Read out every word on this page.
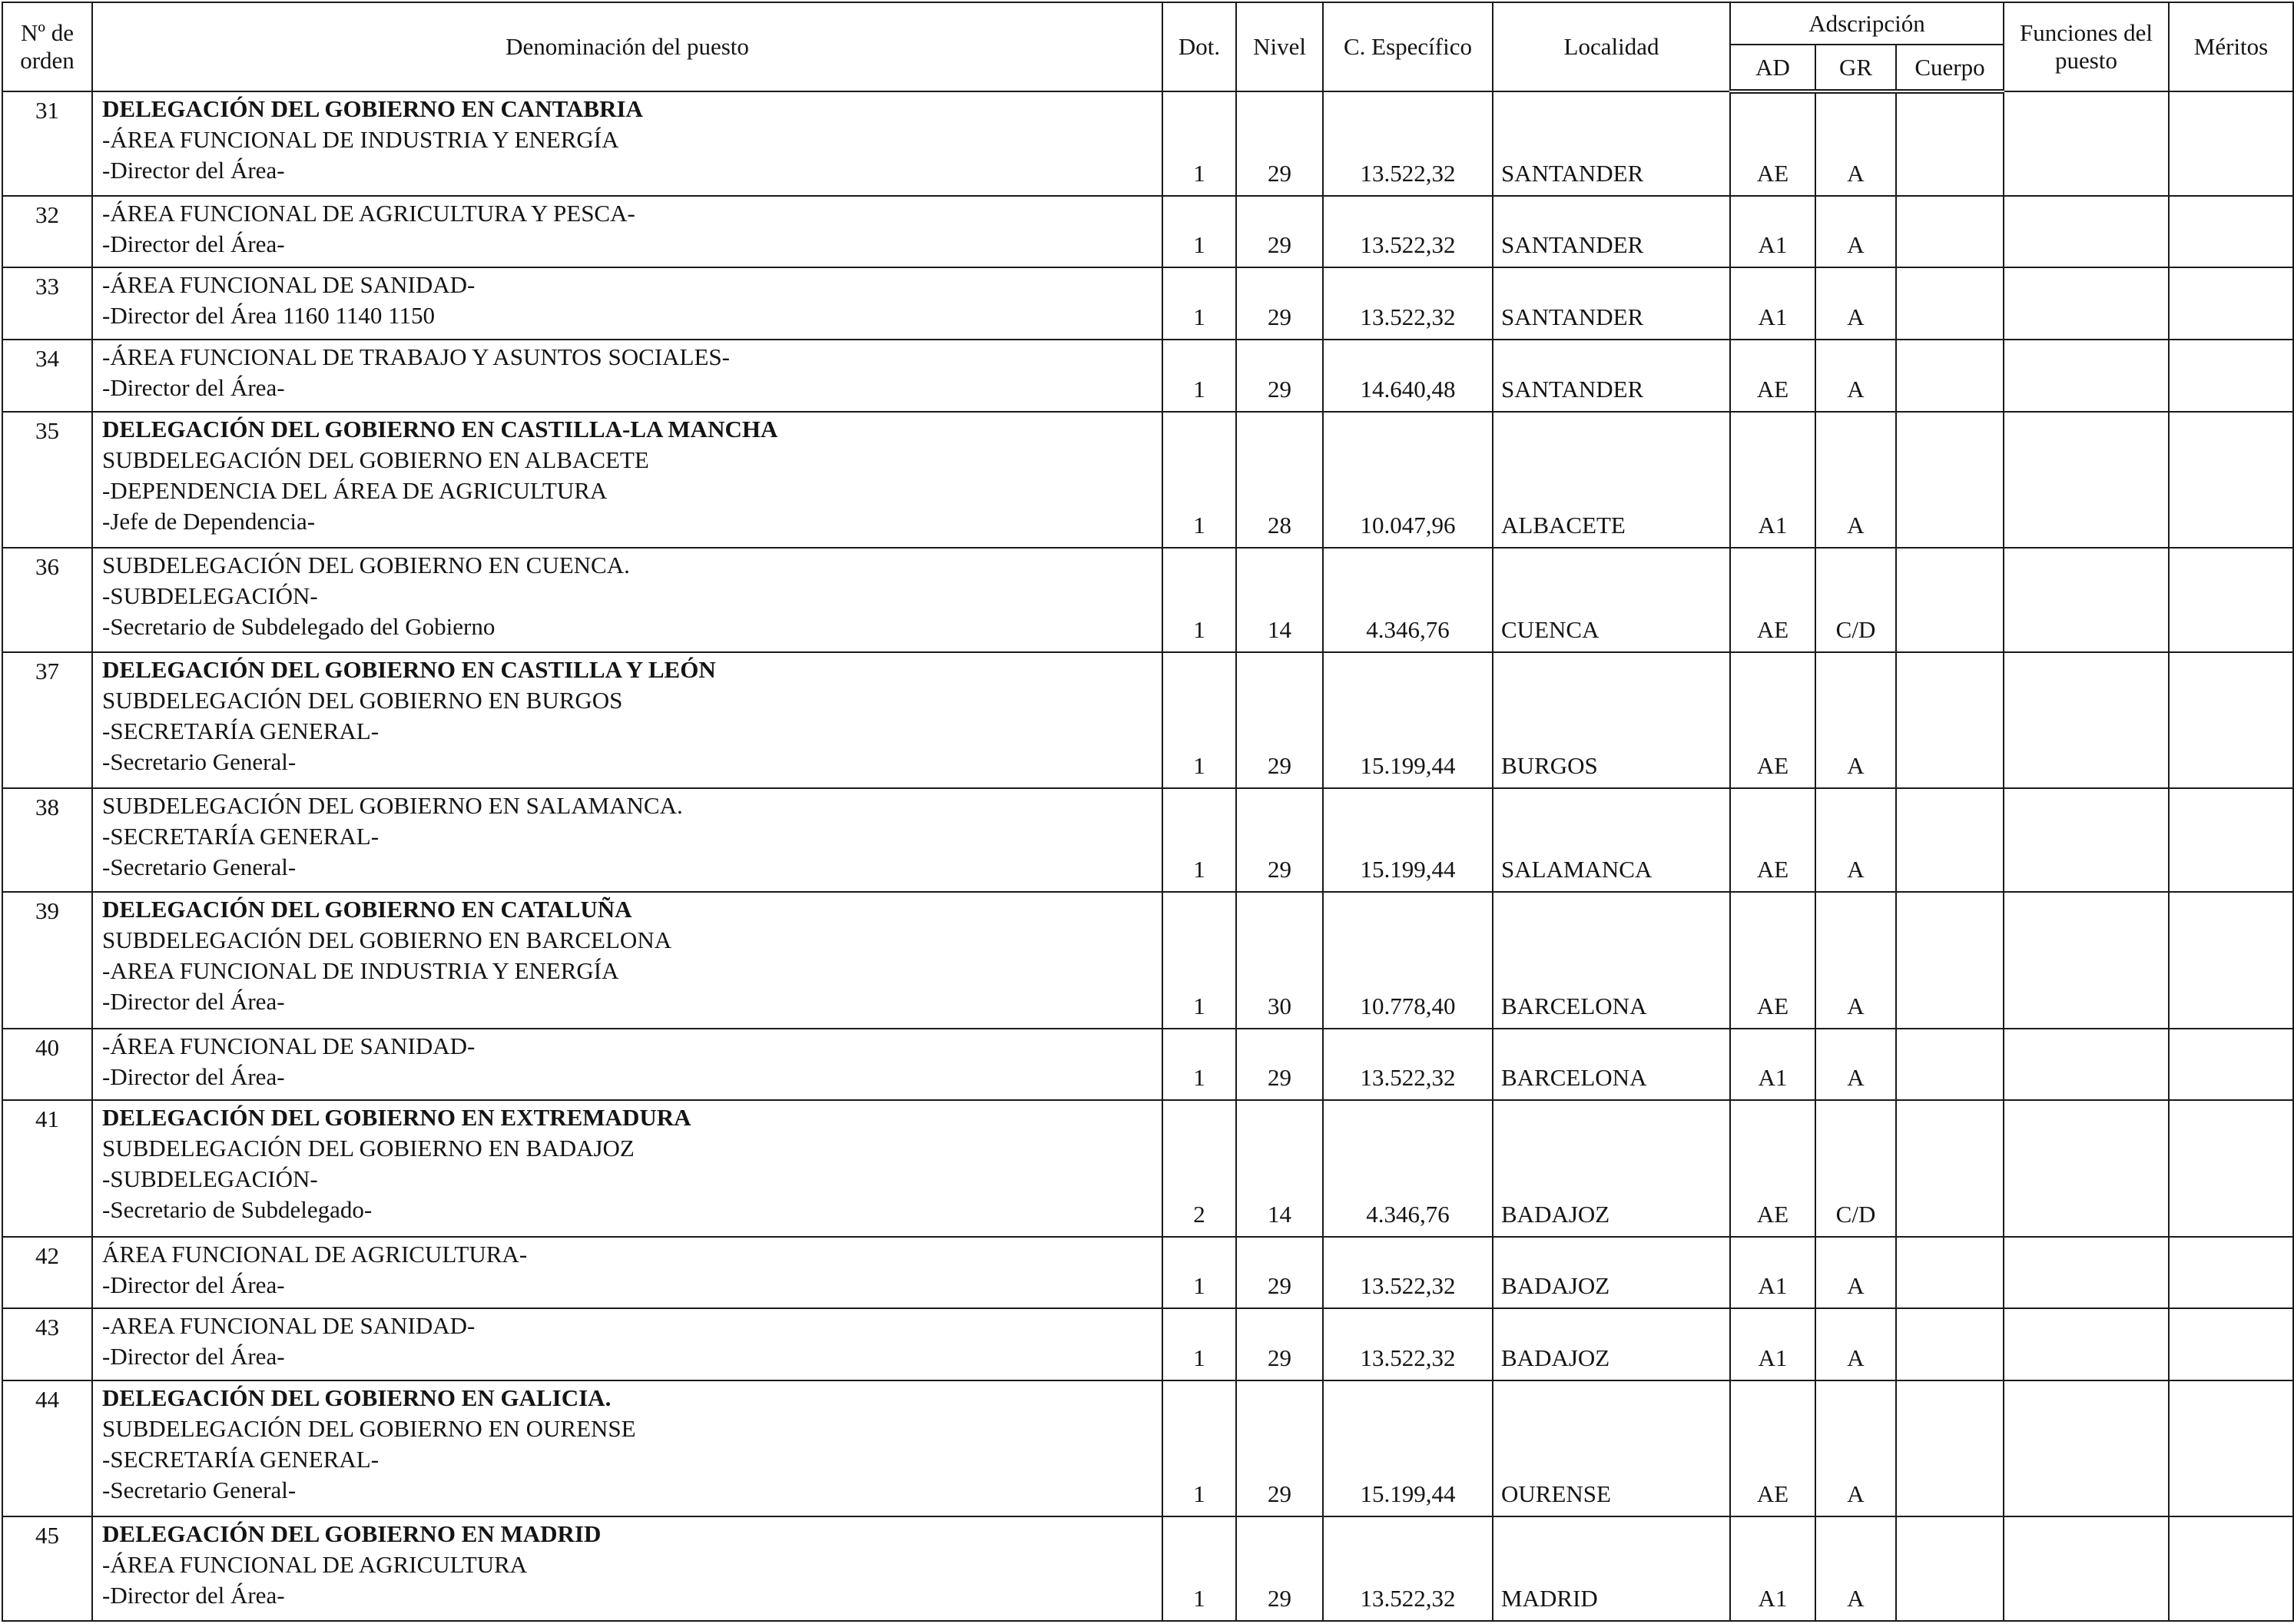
Nº de orden	Denominación del puesto	Dot.	Nivel	C. Específico	Localidad	Adscripción			Funciones del puesto	Méritos
						AD	GR	Cuerpo		
31	DELEGACIÓN DEL GOBIERNO EN CANTABRIA
-ÁREA FUNCIONAL DE INDUSTRIA Y ENERGÍA
-Director del Área-	1	29	13.522,32	SANTANDER	AE	A			
32	-ÁREA FUNCIONAL DE AGRICULTURA Y PESCA-
-Director del Área-	1	29	13.522,32	SANTANDER	A1	A			
33	-ÁREA FUNCIONAL DE SANIDAD-
-Director del Área 1160 1140 1150	1	29	13.522,32	SANTANDER	A1	A			
34	-ÁREA FUNCIONAL DE TRABAJO Y ASUNTOS SOCIALES-
-Director del Área-	1	29	14.640,48	SANTANDER	AE	A			
35	DELEGACIÓN DEL GOBIERNO EN CASTILLA-LA MANCHA
SUBDELEGACIÓN DEL GOBIERNO EN ALBACETE
-DEPENDENCIA DEL ÁREA DE AGRICULTURA
-Jefe de Dependencia-	1	28	10.047,96	ALBACETE	A1	A			
36	SUBDELEGACIÓN DEL GOBIERNO EN CUENCA.
-SUBDELEGACIÓN-
-Secretario de Subdelegado del Gobierno	1	14	4.346,76	CUENCA	AE	C/D			
37	DELEGACIÓN DEL GOBIERNO EN CASTILLA Y LEÓN
SUBDELEGACIÓN DEL GOBIERNO EN BURGOS
-SECRETARÍA GENERAL-
-Secretario General-	1	29	15.199,44	BURGOS	AE	A			
38	SUBDELEGACIÓN DEL GOBIERNO EN SALAMANCA.
-SECRETARÍA GENERAL-
-Secretario General-	1	29	15.199,44	SALAMANCA	AE	A			
39	DELEGACIÓN DEL GOBIERNO EN CATALUÑA
SUBDELEGACIÓN DEL GOBIERNO EN BARCELONA
-AREA FUNCIONAL DE INDUSTRIA Y ENERGÍA
-Director del Área-	1	30	10.778,40	BARCELONA	AE	A			
40	-ÁREA FUNCIONAL DE SANIDAD-
-Director del Área-	1	29	13.522,32	BARCELONA	A1	A			
41	DELEGACIÓN DEL GOBIERNO EN EXTREMADURA
SUBDELEGACIÓN DEL GOBIERNO EN BADAJOZ
-SUBDELEGACIÓN-
-Secretario de Subdelegado-	2	14	4.346,76	BADAJOZ	AE	C/D			
42	ÁREA FUNCIONAL DE AGRICULTURA-
-Director del Área-	1	29	13.522,32	BADAJOZ	A1	A			
43	-AREA FUNCIONAL DE SANIDAD-
-Director del Área-	1	29	13.522,32	BADAJOZ	A1	A			
44	DELEGACIÓN DEL GOBIERNO EN GALICIA.
SUBDELEGACIÓN DEL GOBIERNO EN OURENSE
-SECRETARÍA GENERAL-
-Secretario General-	1	29	15.199,44	OURENSE	AE	A			
45	DELEGACIÓN DEL GOBIERNO EN MADRID
-ÁREA FUNCIONAL DE AGRICULTURA
-Director del Área-	1	29	13.522,32	MADRID	A1	A			
